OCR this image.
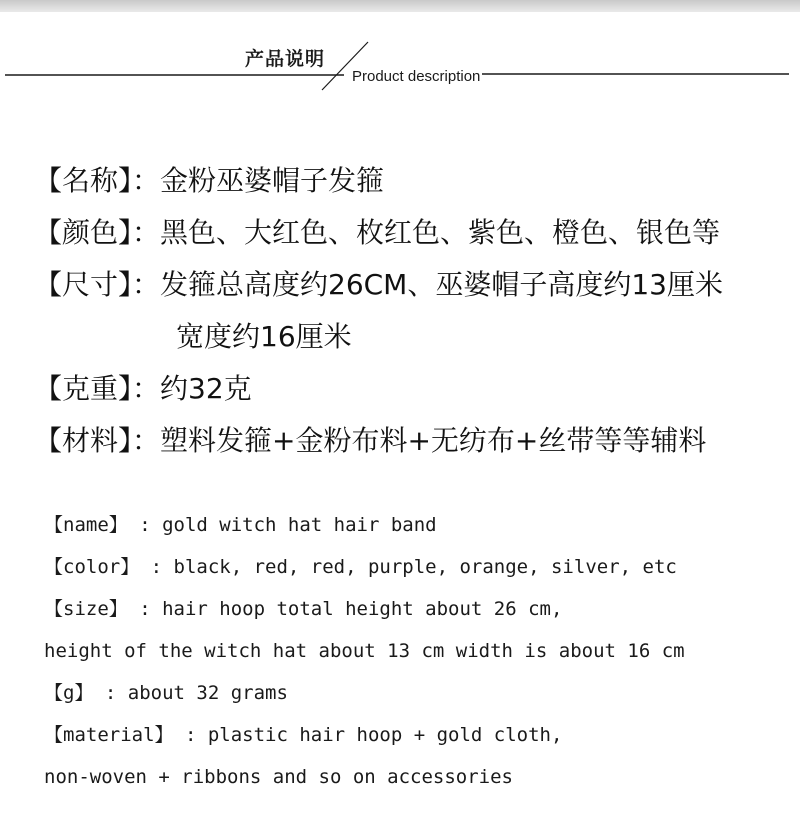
产品说明
Product description
【名称】：金粉巫婆帽子发箍
【颜色】：黑色、大红色、枚红色、紫色、橙色、银色等
【尺寸】：发箍总高度约26CM、巫婆帽子高度约13厘米
宽度约16厘米
【克重】：约32克
【材料】：塑料发箍+金粉布料+无纺布+丝带等等辅料
【name】 : gold witch hat hair band
【color】 : black, red, red, purple, orange, silver, etc
【size】 : hair hoop total height about 26 cm,
height of the witch hat about 13 cm width is about 16 cm
【g】 : about 32 grams
【material】 : plastic hair hoop + gold cloth,
non-woven + ribbons and so on accessories
